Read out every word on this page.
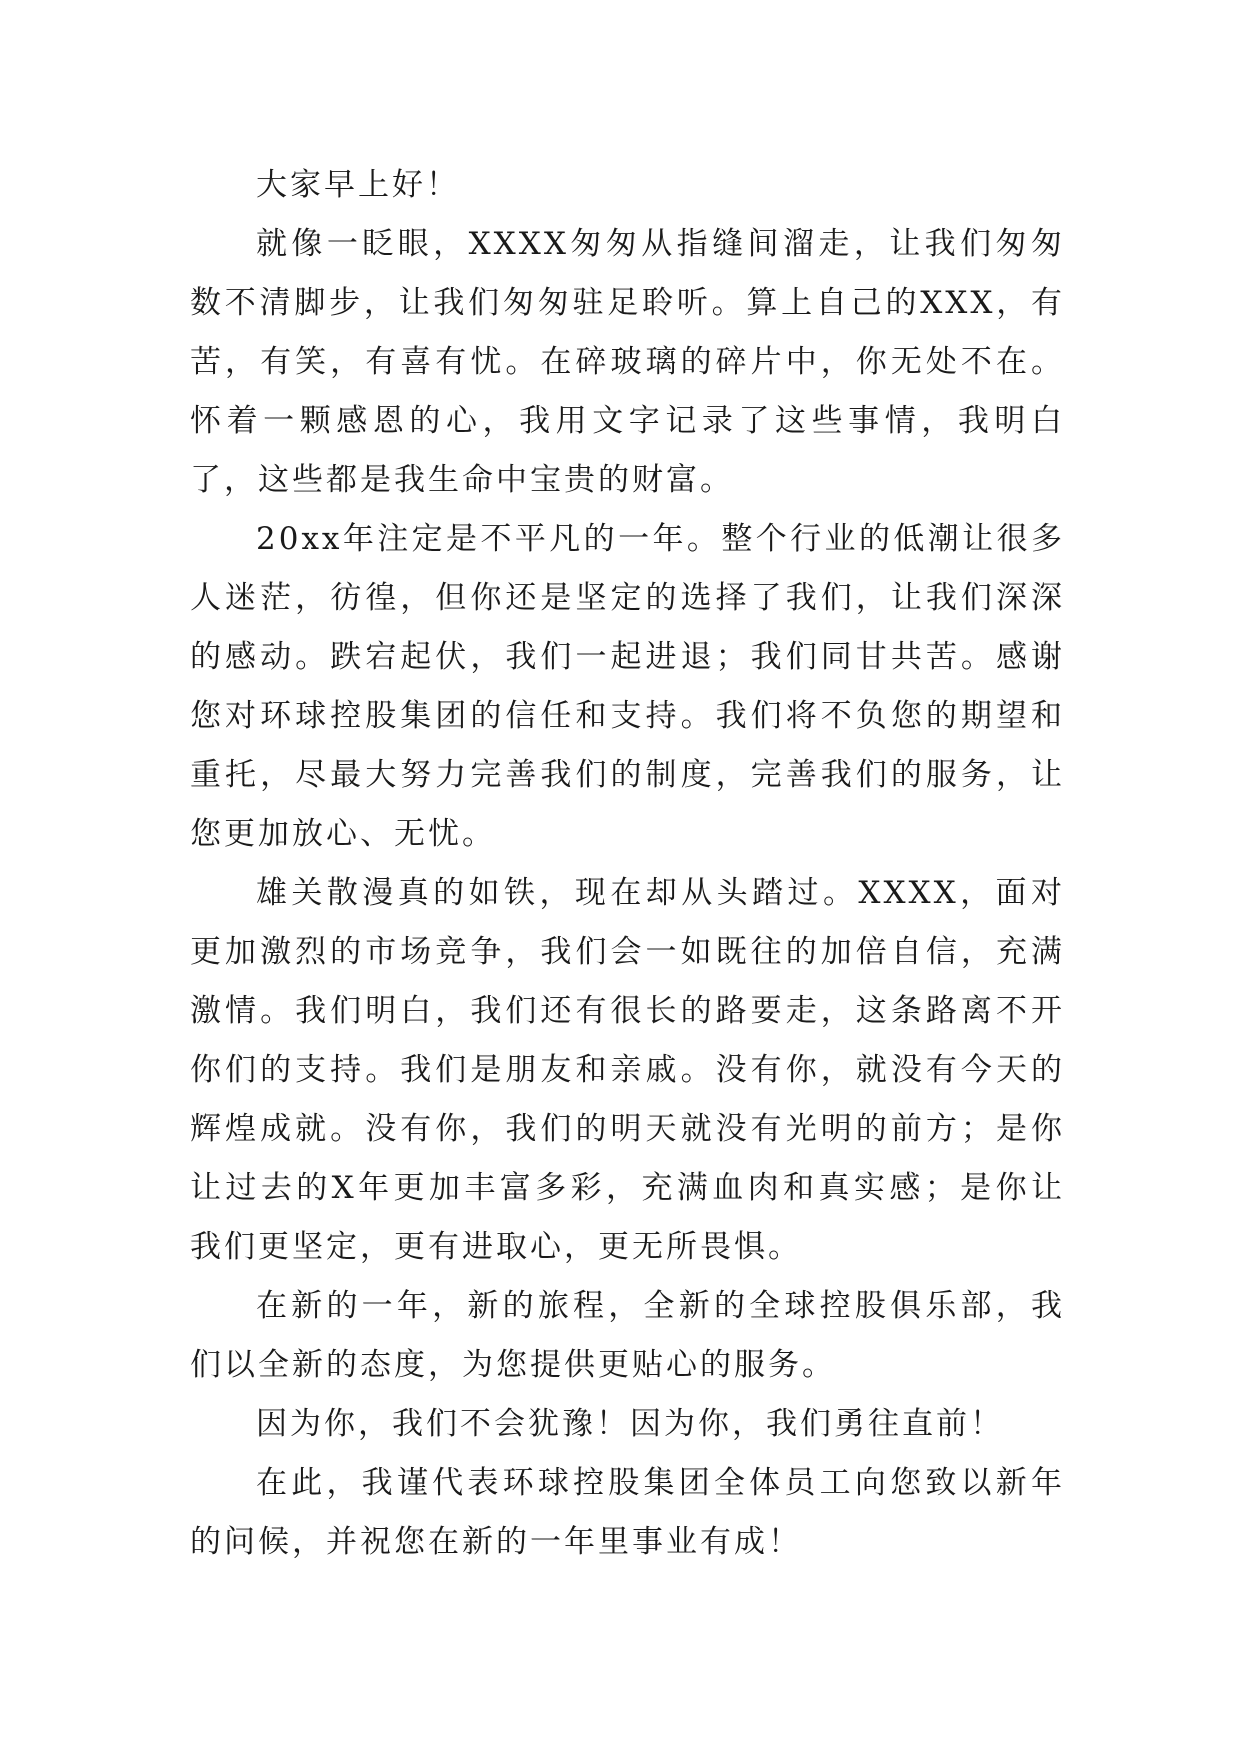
大家早上好！

就像一眨眼，XXXX匆匆从指缝间溜走，让我们匆匆数不清脚步，让我们匆匆驻足聆听。算上自己的XXX，有苦，有笑，有喜有忧。在碎玻璃的碎片中，你无处不在。怀着一颗感恩的心，我用文字记录了这些事情，我明白了，这些都是我生命中宝贵的财富。

20xx年注定是不平凡的一年。整个行业的低潮让很多人迷茫，彷徨，但你还是坚定的选择了我们，让我们深深的感动。跌宕起伏，我们一起进退；我们同甘共苦。感谢您对环球控股集团的信任和支持。我们将不负您的期望和重托，尽最大努力完善我们的制度，完善我们的服务，让您更加放心、无忧。

雄关散漫真的如铁，现在却从头踏过。XXXX，面对更加激烈的市场竞争，我们会一如既往的加倍自信，充满激情。我们明白，我们还有很长的路要走，这条路离不开你们的支持。我们是朋友和亲戚。没有你，就没有今天的辉煌成就。没有你，我们的明天就没有光明的前方；是你让过去的X年更加丰富多彩，充满血肉和真实感；是你让我们更坚定，更有进取心，更无所畏惧。

在新的一年，新的旅程，全新的全球控股俱乐部，我们以全新的态度，为您提供更贴心的服务。

因为你，我们不会犹豫！因为你，我们勇往直前！

在此，我谨代表环球控股集团全体员工向您致以新年的问候，并祝您在新的一年里事业有成！
